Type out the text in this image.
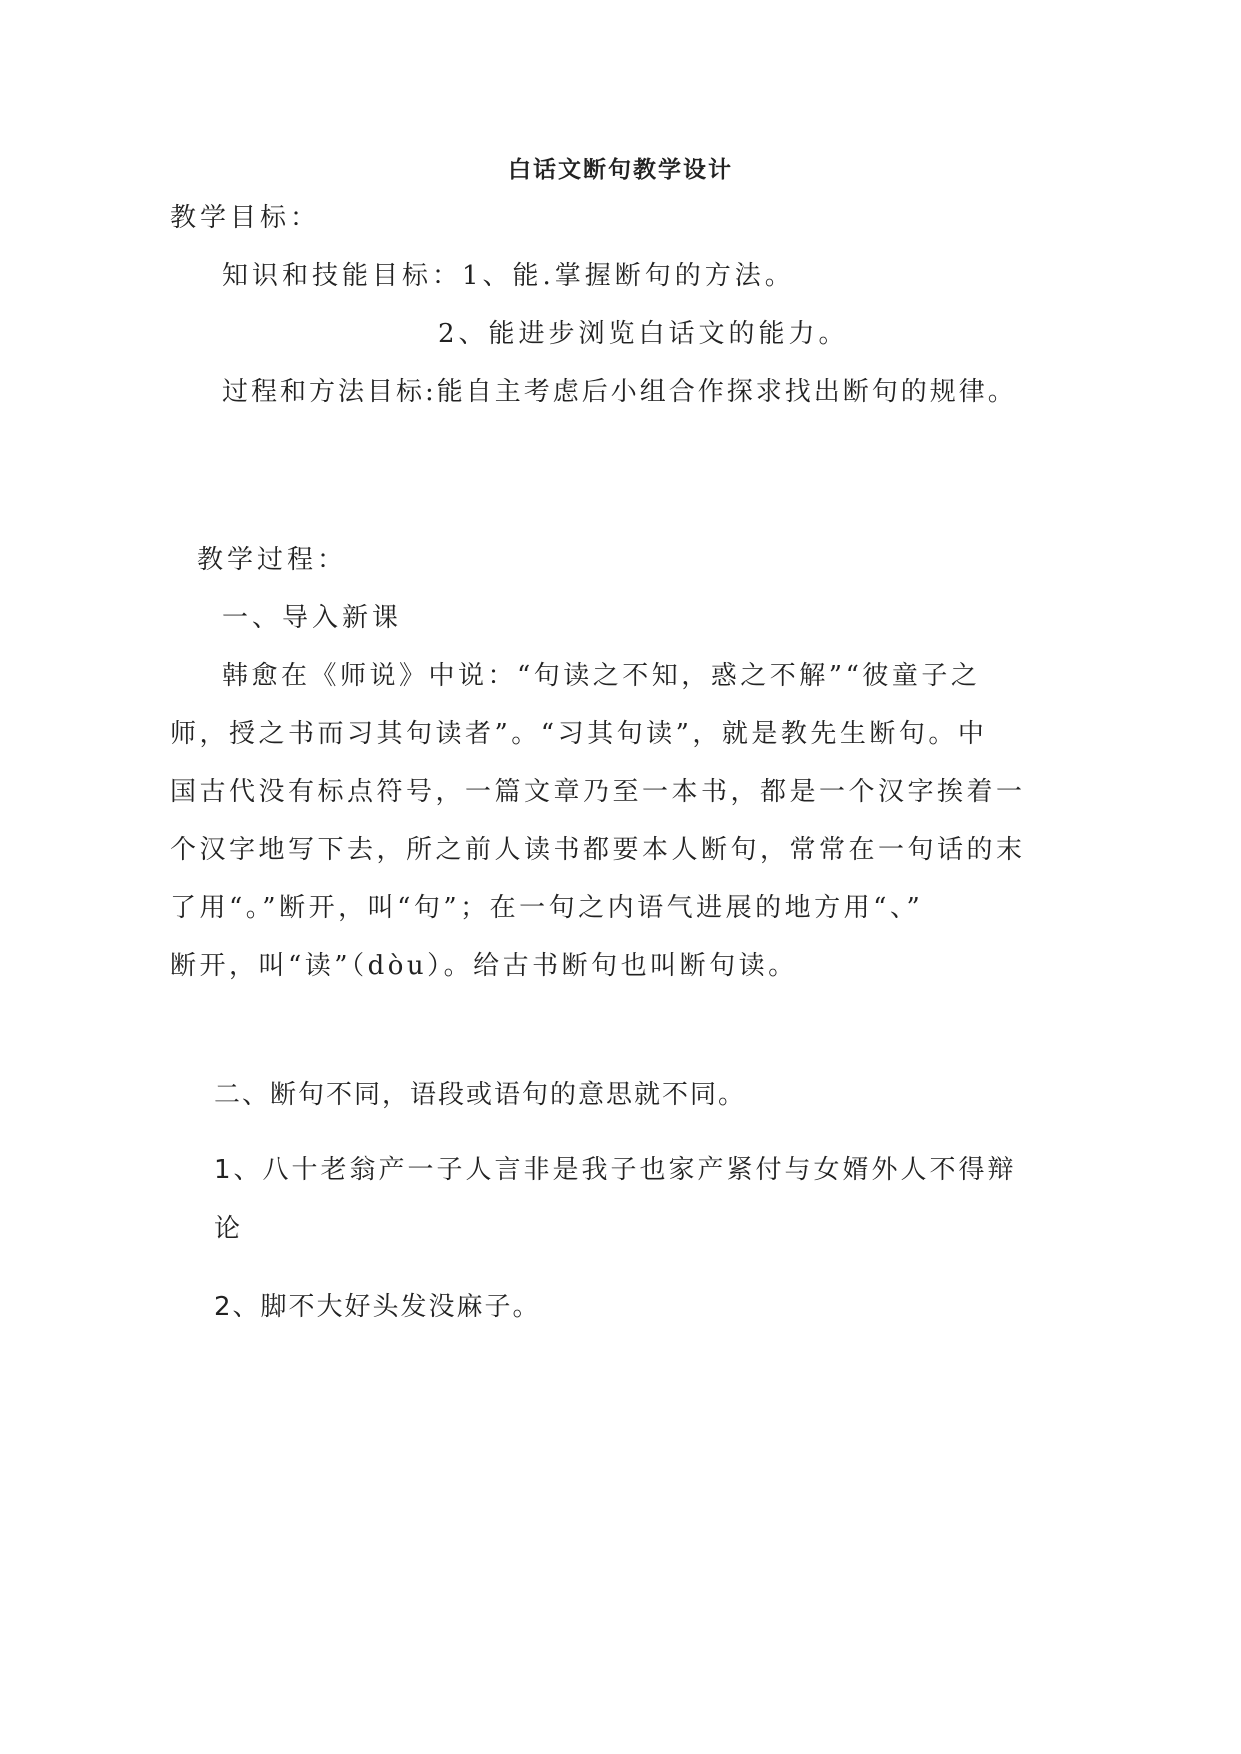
白话文断句教学设计

教学目标：

知识和技能目标：1、能.掌握断句的方法。

2、能进步浏览白话文的能力。

过程和方法目标:能自主考虑后小组合作探求找出断句的规律。

教学过程：

一、导入新课

韩愈在《师说》中说：“句读之不知，惑之不解”“彼童子之

师，授之书而习其句读者”。“习其句读”，就是教先生断句。中

国古代没有标点符号，一篇文章乃至一本书，都是一个汉字挨着一

个汉字地写下去，所之前人读书都要本人断句，常常在一句话的末

了用“。”断开，叫“句”；在一句之内语气进展的地方用“、”

断开，叫“读”（dòu）。给古书断句也叫断句读。

二、断句不同，语段或语句的意思就不同。

1、八十老翁产一子人言非是我子也家产紧付与女婿外人不得辩

论

2、脚不大好头发没麻子。
